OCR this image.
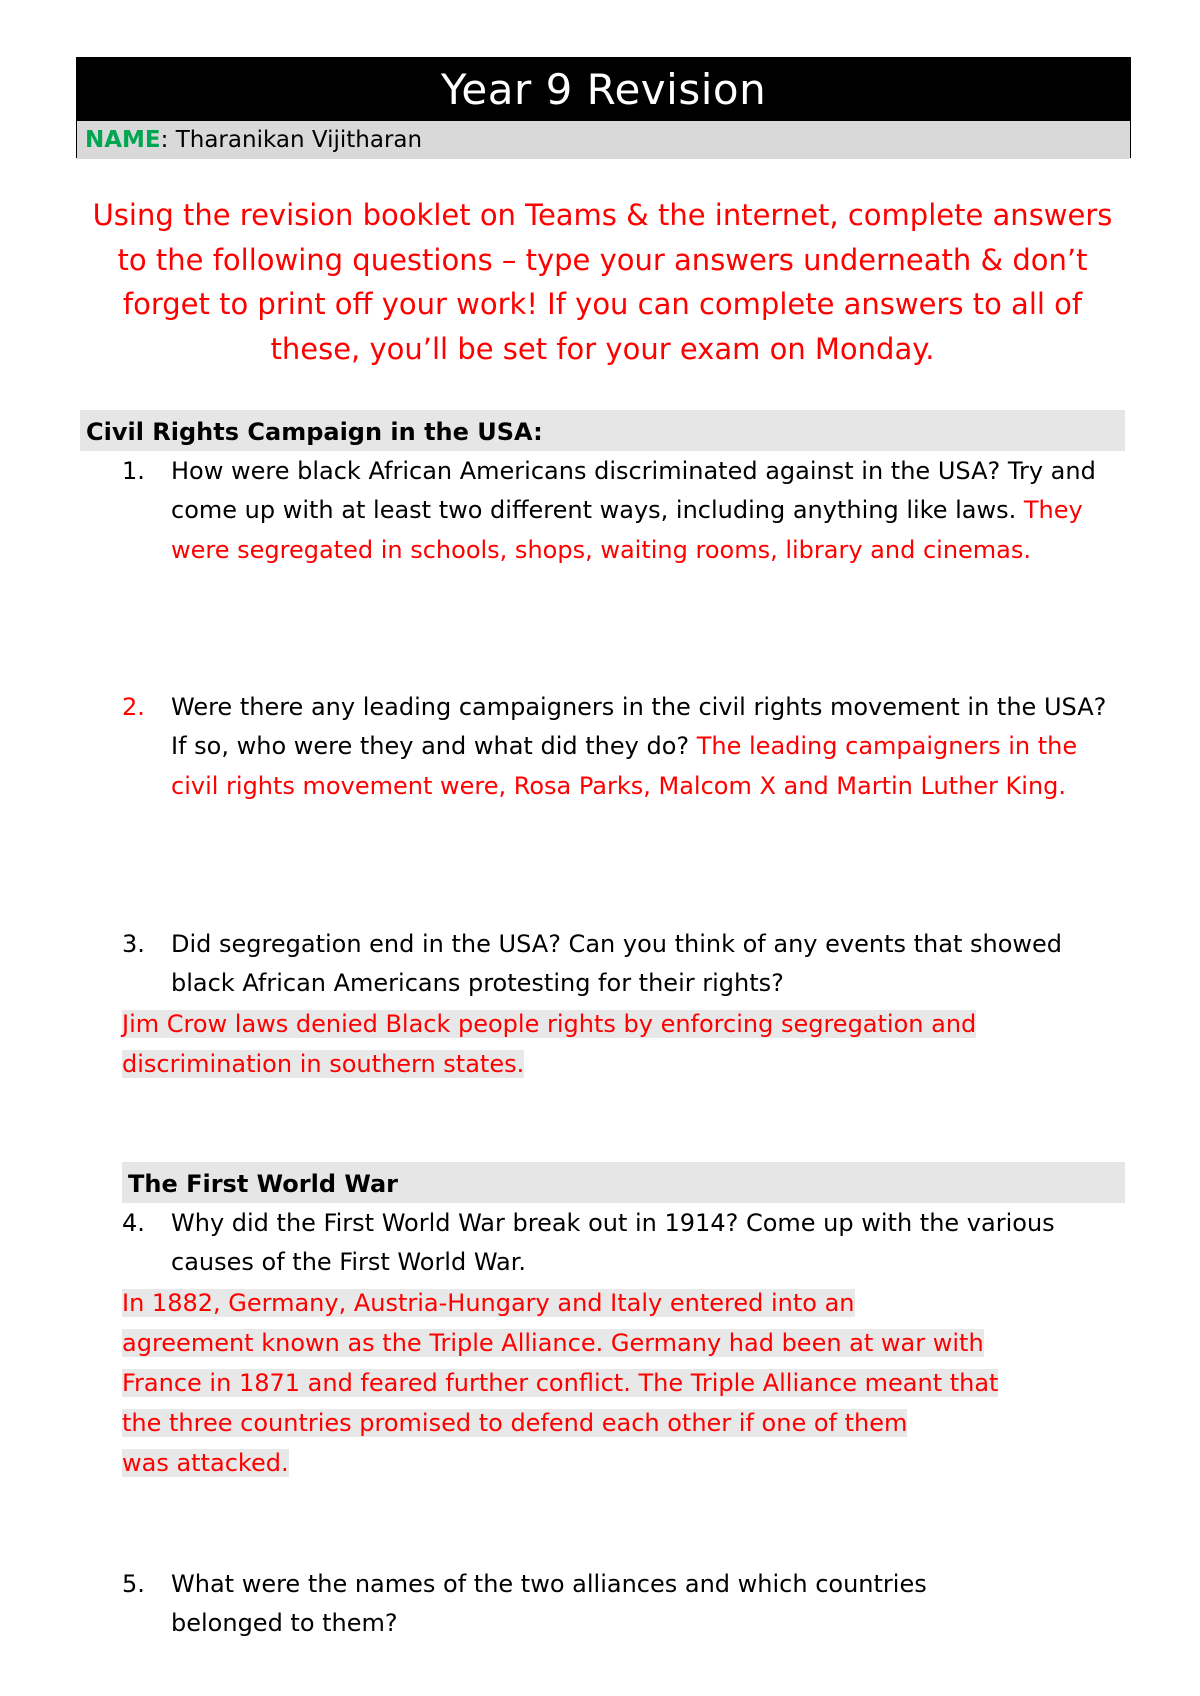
Year 9 Revision
NAME : Tharanikan Vijitharan
Using the revision booklet on Teams & the internet, complete answers to the following questions – type your answers underneath & don’t forget to print off your work! If you can complete answers to all of these, you’ll be set for your exam on Monday.
Civil Rights Campaign in the USA:
1.	How were black African Americans discriminated against in the USA? Try and come up with at least two different ways, including anything like laws. They were segregated in schools, shops, waiting rooms, library and cinemas.
2.	Were there any leading campaigners in the civil rights movement in the USA? If so, who were they and what did they do? The leading campaigners in the civil rights movement were, Rosa Parks, Malcom X and Martin Luther King.
3.	Did segregation end in the USA? Can you think of any events that showed black African Americans protesting for their rights?
Jim Crow laws denied Black people rights by enforcing segregation and
discrimination in southern states.
The First World War
4.	Why did the First World War break out in 1914? Come up with the various causes of the First World War.
In 1882, Germany, Austria-Hungary and Italy entered into an
agreement known as the Triple Alliance. Germany had been at war with
France in 1871 and feared further conflict. The Triple Alliance meant that
the three countries promised to defend each other if one of them
was attacked.
5.	What were the names of the two alliances and which countries belonged to them?
